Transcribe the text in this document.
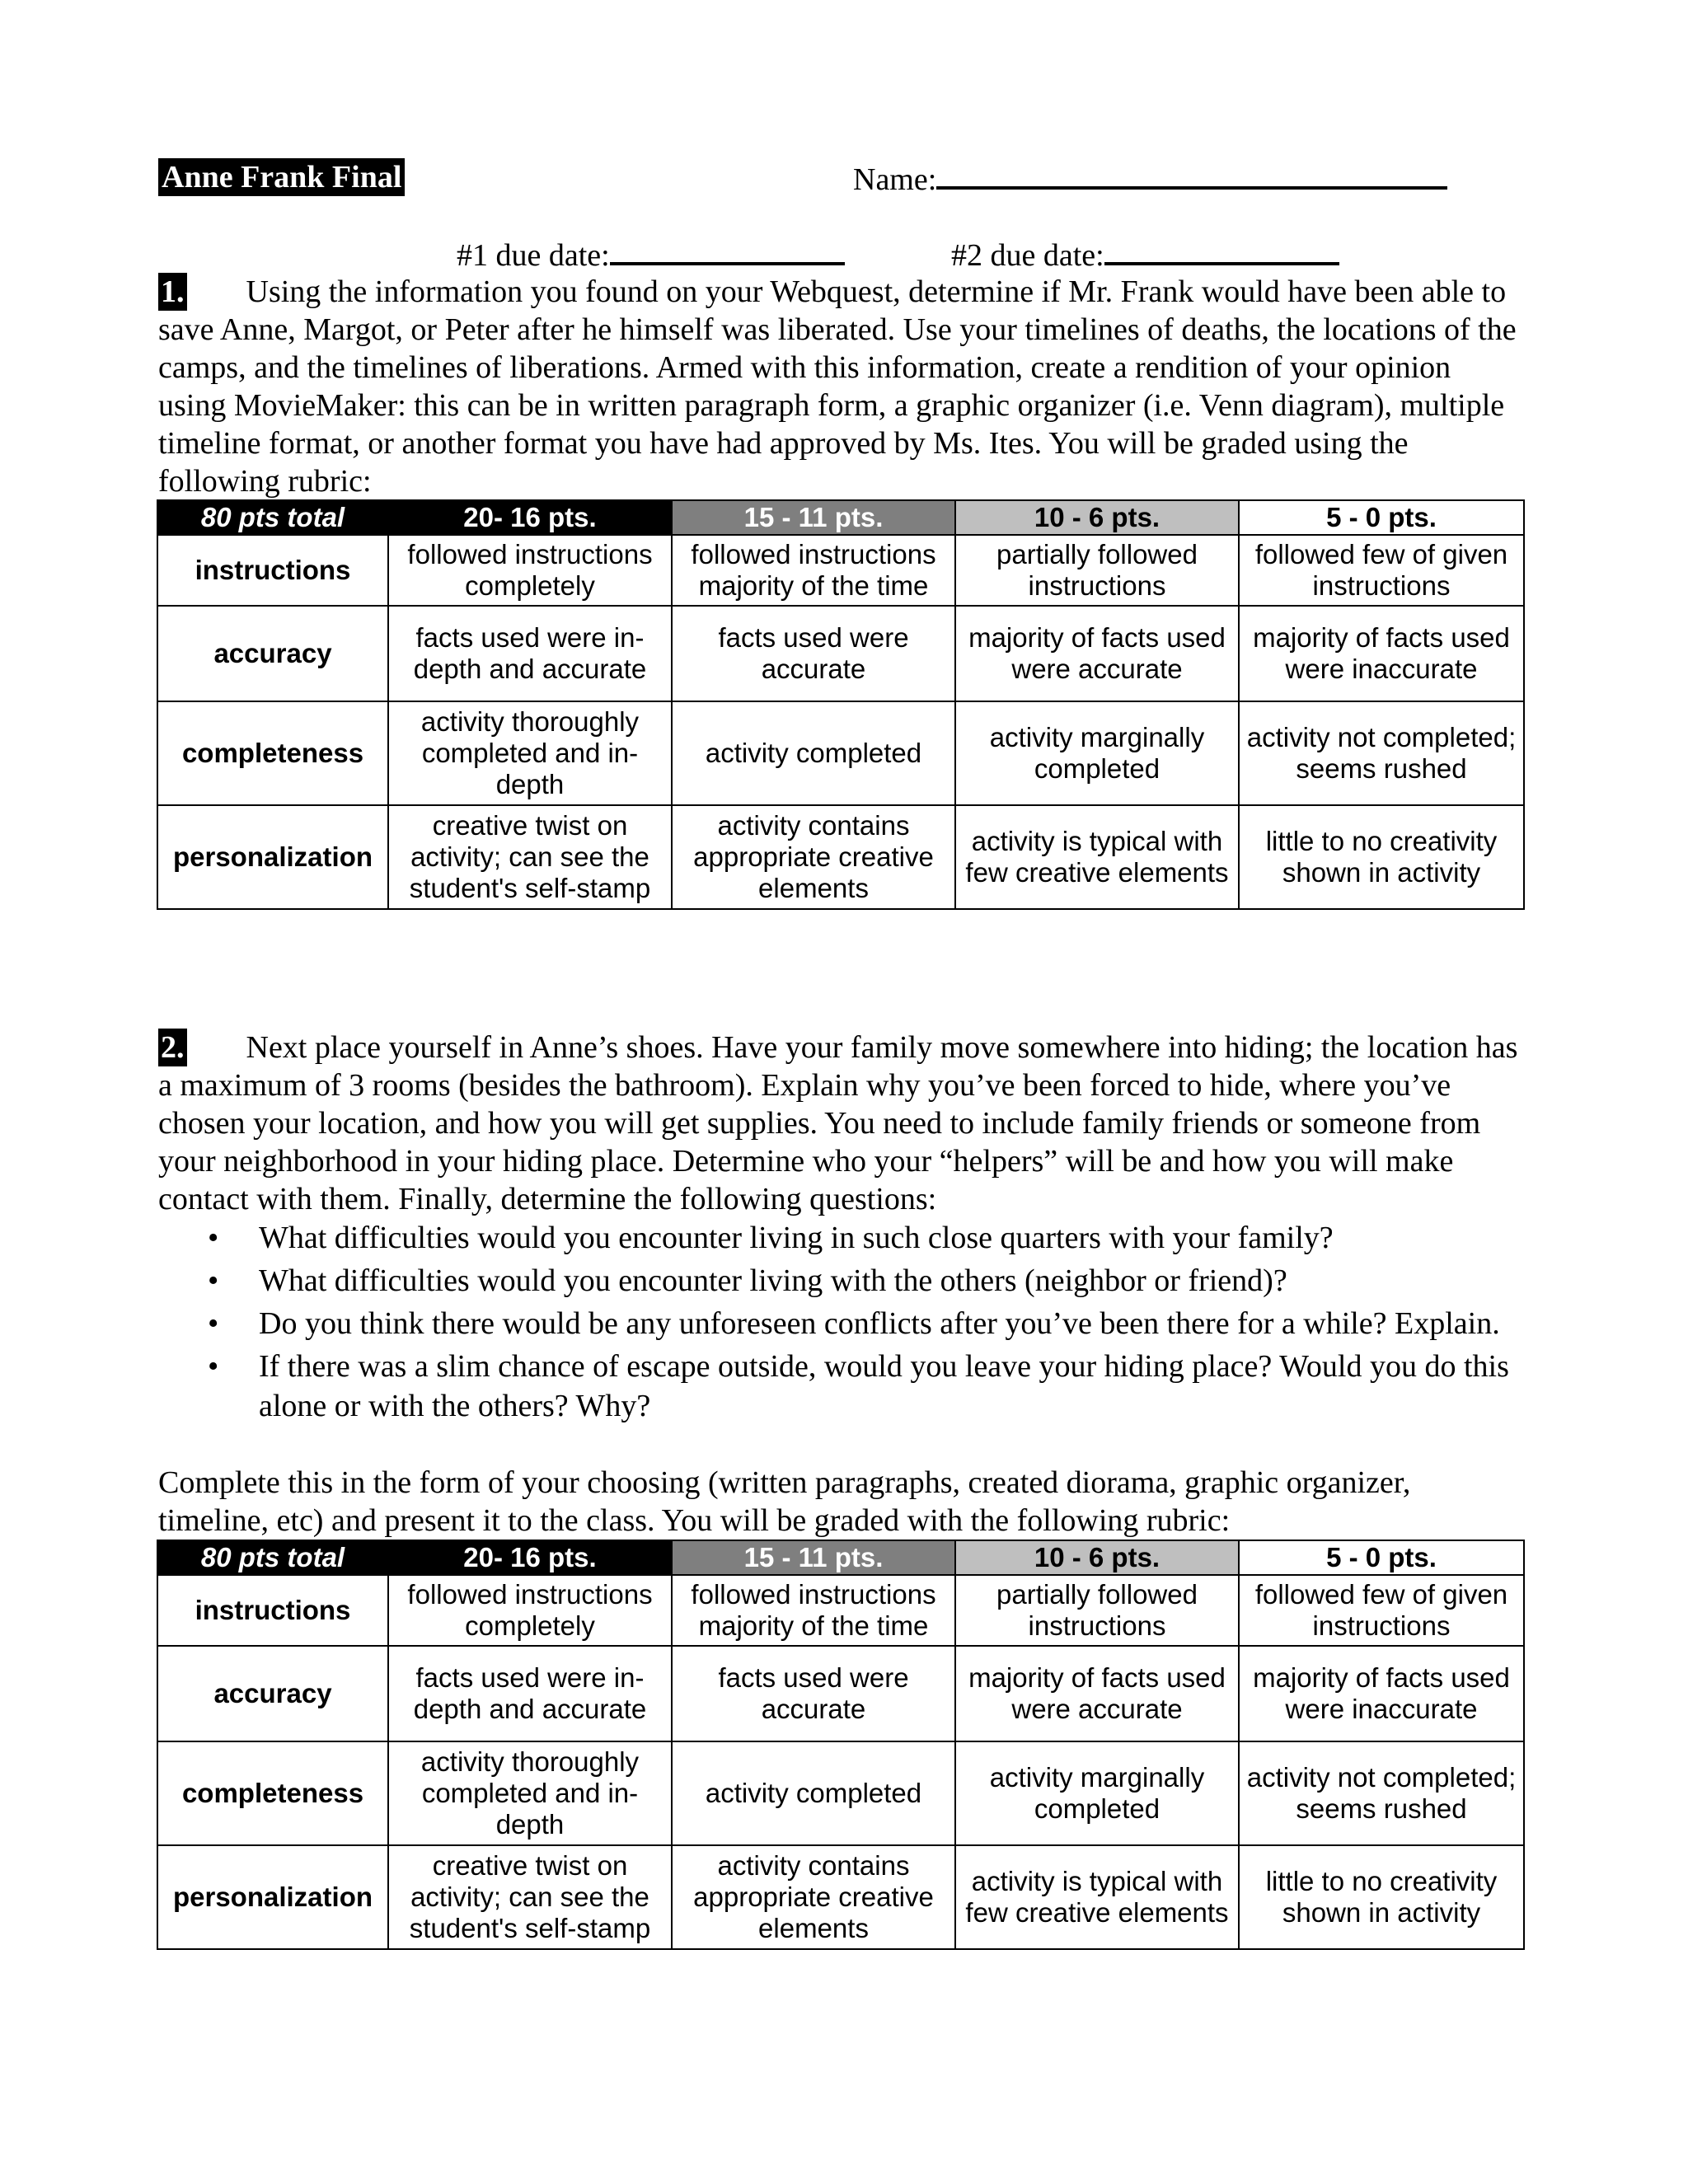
Anne Frank Final	Name:
#1 due date:	#2 due date:

1. Using the information you found on your Webquest, determine if Mr. Frank would have been able to save Anne, Margot, or Peter after he himself was liberated. Use your timelines of deaths, the locations of the camps, and the timelines of liberations. Armed with this information, create a rendition of your opinion using MovieMaker: this can be in written paragraph form, a graphic organizer (i.e. Venn diagram), multiple timeline format, or another format you have had approved by Ms. Ites. You will be graded using the following rubric:

80 pts total	20- 16 pts.	15 - 11 pts.	10 - 6 pts.	5 - 0 pts.
instructions	followed instructions completely	followed instructions majority of the time	partially followed instructions	followed few of given instructions
accuracy	facts used were in-depth and accurate	facts used were accurate	majority of facts used were accurate	majority of facts used were inaccurate
completeness	activity thoroughly completed and in-depth	activity completed	activity marginally completed	activity not completed; seems rushed
personalization	creative twist on activity; can see the student's self-stamp	activity contains appropriate creative elements	activity is typical with few creative elements	little to no creativity shown in activity

2. Next place yourself in Anne’s shoes. Have your family move somewhere into hiding; the location has a maximum of 3 rooms (besides the bathroom). Explain why you’ve been forced to hide, where you’ve chosen your location, and how you will get supplies. You need to include family friends or someone from your neighborhood in your hiding place. Determine who your “helpers” will be and how you will make contact with them. Finally, determine the following questions:

• What difficulties would you encounter living in such close quarters with your family?
• What difficulties would you encounter living with the others (neighbor or friend)?
• Do you think there would be any unforeseen conflicts after you’ve been there for a while? Explain.
• If there was a slim chance of escape outside, would you leave your hiding place? Would you do this alone or with the others? Why?

Complete this in the form of your choosing (written paragraphs, created diorama, graphic organizer, timeline, etc) and present it to the class. You will be graded with the following rubric:

80 pts total	20- 16 pts.	15 - 11 pts.	10 - 6 pts.	5 - 0 pts.
instructions	followed instructions completely	followed instructions majority of the time	partially followed instructions	followed few of given instructions
accuracy	facts used were in-depth and accurate	facts used were accurate	majority of facts used were accurate	majority of facts used were inaccurate
completeness	activity thoroughly completed and in-depth	activity completed	activity marginally completed	activity not completed; seems rushed
personalization	creative twist on activity; can see the student's self-stamp	activity contains appropriate creative elements	activity is typical with few creative elements	little to no creativity shown in activity
